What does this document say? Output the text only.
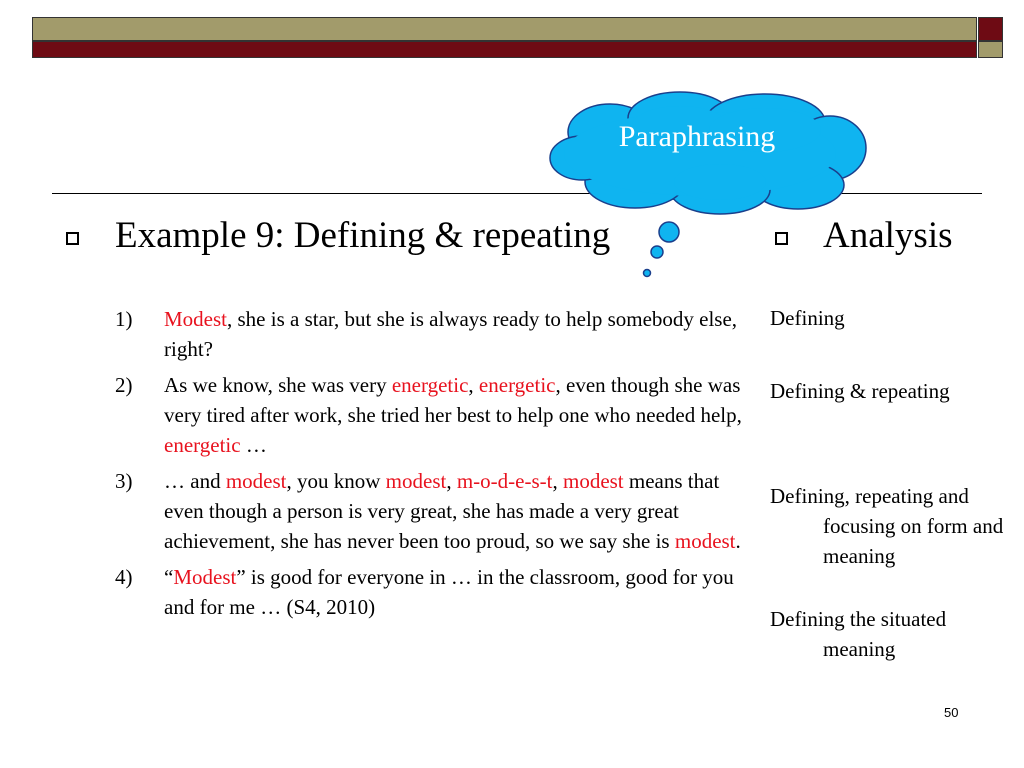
Paraphrasing
Example 9: Defining & repeating
1) Modest, she is a star, but she is always ready to help somebody else, right?
2) As we know, she was very energetic, energetic, even though she was very tired after work, she tried her best to help one who needed help, energetic …
3) … and modest, you know modest, m-o-d-e-s-t, modest means that even though a person is very great, she has made a very great achievement, she has never been too proud, so we say she is modest.
4) “Modest” is good for everyone in … in the classroom, good for you and for me … (S4, 2010)
Analysis
Defining
Defining & repeating
Defining, repeating and
focusing on form and meaning
Defining the situated
meaning
50
